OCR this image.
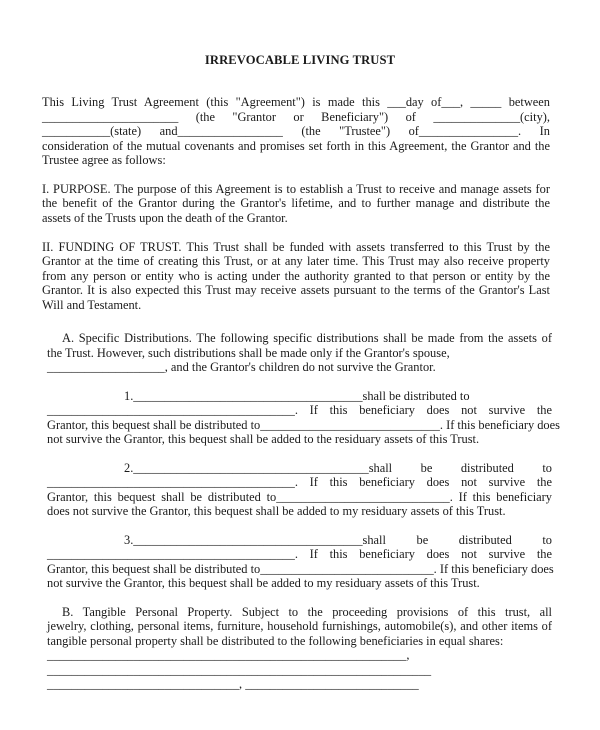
IRREVOCABLE LIVING TRUST
This Living Trust Agreement (this "Agreement") is made this ___day of___, _____ between
______________________ (the "Grantor or Beneficiary") of ______________(city),
___________(state) and_________________ (the "Trustee") of________________. In
consideration of the mutual covenants and promises set forth in this Agreement, the Grantor and the
Trustee agree as follows:
I. PURPOSE. The purpose of this Agreement is to establish a Trust to receive and manage assets for
the benefit of the Grantor during the Grantor's lifetime, and to further manage and distribute the
assets of the Trusts upon the death of the Grantor.
II. FUNDING OF TRUST. This Trust shall be funded with assets transferred to this Trust by the
Grantor at the time of creating this Trust, or at any later time. This Trust may also receive property
from any person or entity who is acting under the authority granted to that person or entity by the
Grantor. It is also expected this Trust may receive assets pursuant to the terms of the Grantor's Last
Will and Testament.
A. Specific Distributions. The following specific distributions shall be made from the assets of
the Trust. However, such distributions shall be made only if the Grantor's spouse,
___________________, and the Grantor's children do not survive the Grantor.
1._____________________________________shall be distributed to
________________________________________. If this beneficiary does not survive the
Grantor, this bequest shall be distributed to_____________________________. If this beneficiary does
not survive the Grantor, this bequest shall be added to the residuary assets of this Trust.
2.______________________________________shall be distributed to
________________________________________. If this beneficiary does not survive the
Grantor, this bequest shall be distributed to____________________________. If this beneficiary
does not survive the Grantor, this bequest shall be added to my residuary assets of this Trust.
3._____________________________________shall be distributed to
________________________________________. If this beneficiary does not survive the
Grantor, this bequest shall be distributed to____________________________. If this beneficiary does
not survive the Grantor, this bequest shall be added to my residuary assets of this Trust.
B. Tangible Personal Property. Subject to the proceeding provisions of this trust, all
jewelry, clothing, personal items, furniture, household furnishings, automobile(s), and other items of
tangible personal property shall be distributed to the following beneficiaries in equal shares:
__________________________________________________________,
______________________________________________________________
_______________________________, ____________________________
